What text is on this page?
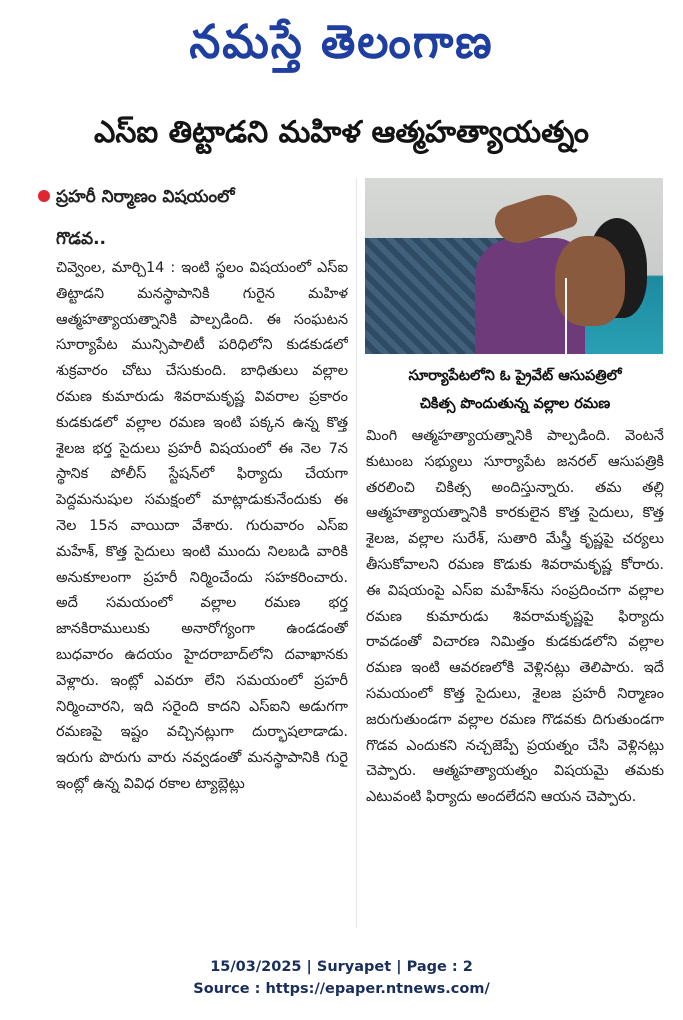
నమస్తే తెలంగాణ
ఎస్ఐ తిట్టాడని మహిళ ఆత్మహత్యాయత్నం
ప్రహరీ నిర్మాణం విషయంలో
గొడవ..
చివ్వెంల, మార్చి14 : ఇంటి స్థలం విషయంలో ఎస్ఐ తిట్టాడని మనస్థాపానికి గురైన మహిళ ఆత్మహత్యాయత్నానికి పాల్పడింది. ఈ సంఘటన సూర్యాపేట మున్సిపాలిటీ పరిధిలోని కుడకుడలో శుక్రవారం చోటు చేసుకుంది. బాధితులు వల్లాల రమణ కుమారుడు శివరామకృష్ణ వివరాల ప్రకారం కుడకుడలో వల్లాల రమణ ఇంటి పక్కన ఉన్న కొత్త శైలజ భర్త సైదులు ప్రహరీ విషయంలో ఈ నెల 7న స్థానిక పోలీస్ స్టేషన్‌లో ఫిర్యాదు చేయగా పెద్దమనుషుల సమక్షంలో మాట్లాడుకునేందుకు ఈ నెల 15న వాయిదా వేశారు. గురువారం ఎస్ఐ మహేశ్, కొత్త సైదులు ఇంటి ముందు నిలబడి వారికి అనుకూలంగా ప్రహరీ నిర్మించేందు సహకరించారు. అదే సమయంలో వల్లాల రమణ భర్త జానకిరాములుకు అనారోగ్యంగా ఉండడంతో బుధవారం ఉదయం హైదరాబాద్‌లోని దవాఖానకు వెళ్లారు. ఇంట్లో ఎవరూ లేని సమయంలో ప్రహరీ నిర్మించారని, ఇది సరైంది కాదని ఎస్ఐని అడుగగా రమణపై ఇష్టం వచ్చినట్లుగా దుర్భాషలాడాడు. ఇరుగు పొరుగు వారు నవ్వడంతో మనస్థాపానికి గురై ఇంట్లో ఉన్న వివిధ రకాల ట్యాబ్లెట్లు
సూర్యాపేటలోని ఓ ప్రైవేట్ ఆసుపత్రిలో
చికిత్స పొందుతున్న వల్లాల రమణ
మింగి ఆత్మహత్యాయత్నానికి పాల్పడింది. వెంటనే కుటుంబ సభ్యులు సూర్యాపేట జనరల్ ఆసుపత్రికి తరలించి చికిత్స అందిస్తున్నారు. తమ తల్లి ఆత్మహత్యాయత్నానికి కారకులైన కొత్త సైదులు, కొత్త శైలజ, వల్లాల సురేశ్, సుతారి మేస్త్రీ కృష్ణపై చర్యలు తీసుకోవాలని రమణ కొడుకు శివరామకృష్ణ కోరారు. ఈ విషయంపై ఎస్ఐ మహేశ్‌ను సంప్రదించగా వల్లాల రమణ కుమారుడు శివరామకృష్ణపై ఫిర్యాదు రావడంతో విచారణ నిమిత్తం కుడకుడలోని వల్లాల రమణ ఇంటి ఆవరణలోకి వెళ్లినట్లు తెలిపారు. ఇదే సమయంలో కొత్త సైదులు, శైలజ ప్రహరీ నిర్మాణం జరుగుతుండగా వల్లాల రమణ గొడవకు దిగుతుండగా గొడవ ఎందుకని నచ్చజెప్పే ప్రయత్నం చేసి వెళ్లినట్లు చెప్పారు. ఆత్మహత్యాయత్నం విషయమై తమకు ఎటువంటి ఫిర్యాదు అందలేదని ఆయన చెప్పారు.
15/03/2025 | Suryapet | Page : 2
Source : https://epaper.ntnews.com/
